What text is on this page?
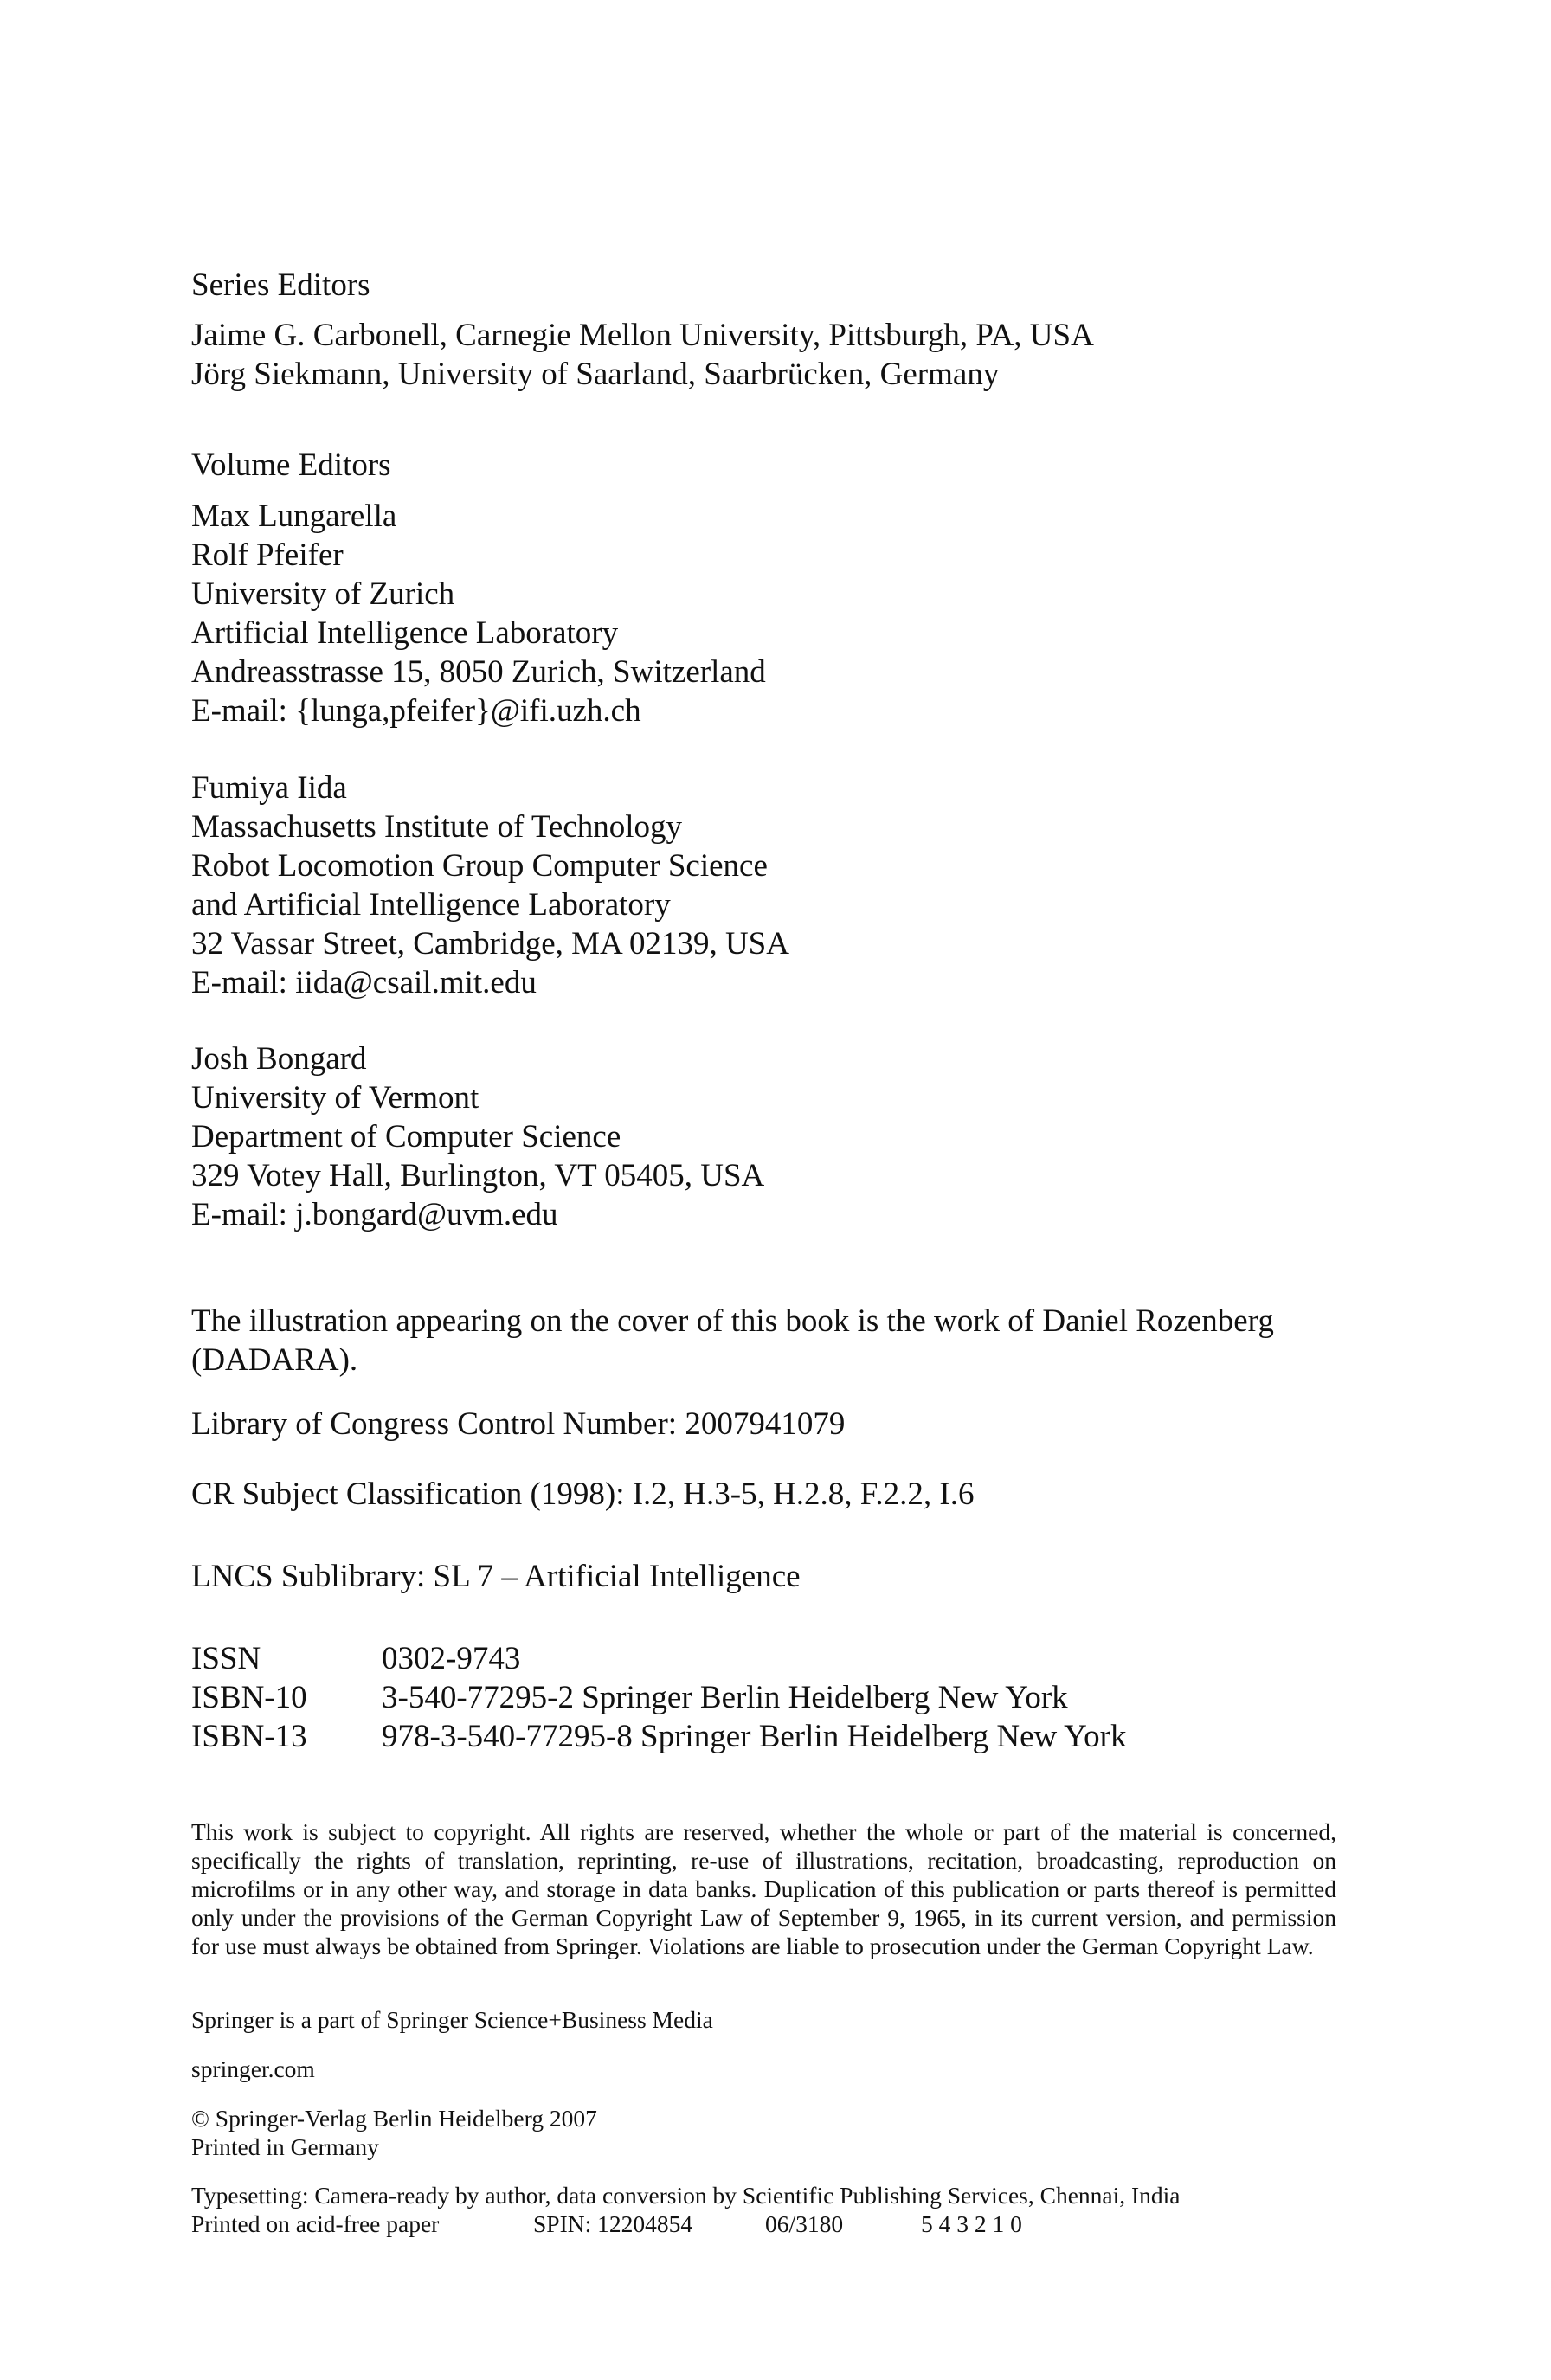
Series Editors
Jaime G. Carbonell, Carnegie Mellon University, Pittsburgh, PA, USA
Jörg Siekmann, University of Saarland, Saarbrücken, Germany
Volume Editors
Max Lungarella
Rolf Pfeifer
University of Zurich
Artificial Intelligence Laboratory
Andreasstrasse 15, 8050 Zurich, Switzerland
E-mail: {lunga,pfeifer}@ifi.uzh.ch
Fumiya Iida
Massachusetts Institute of Technology
Robot Locomotion Group Computer Science
and Artificial Intelligence Laboratory
32 Vassar Street, Cambridge, MA 02139, USA
E-mail: iida@csail.mit.edu
Josh Bongard
University of Vermont
Department of Computer Science
329 Votey Hall, Burlington, VT 05405, USA
E-mail: j.bongard@uvm.edu
The illustration appearing on the cover of this book is the work of Daniel Rozenberg (DADARA).
Library of Congress Control Number: 2007941079
CR Subject Classification (1998): I.2, H.3-5, H.2.8, F.2.2, I.6
LNCS Sublibrary: SL 7 – Artificial Intelligence
ISSN	0302-9743
ISBN-10	3-540-77295-2 Springer Berlin Heidelberg New York
ISBN-13	978-3-540-77295-8 Springer Berlin Heidelberg New York
This work is subject to copyright. All rights are reserved, whether the whole or part of the material is concerned, specifically the rights of translation, reprinting, re-use of illustrations, recitation, broadcasting, reproduction on microfilms or in any other way, and storage in data banks. Duplication of this publication or parts thereof is permitted only under the provisions of the German Copyright Law of September 9, 1965, in its current version, and permission for use must always be obtained from Springer. Violations are liable to prosecution under the German Copyright Law.
Springer is a part of Springer Science+Business Media
springer.com
© Springer-Verlag Berlin Heidelberg 2007
Printed in Germany
Typesetting: Camera-ready by author, data conversion by Scientific Publishing Services, Chennai, India
Printed on acid-free paper	SPIN: 12204854	06/3180	5 4 3 2 1 0
